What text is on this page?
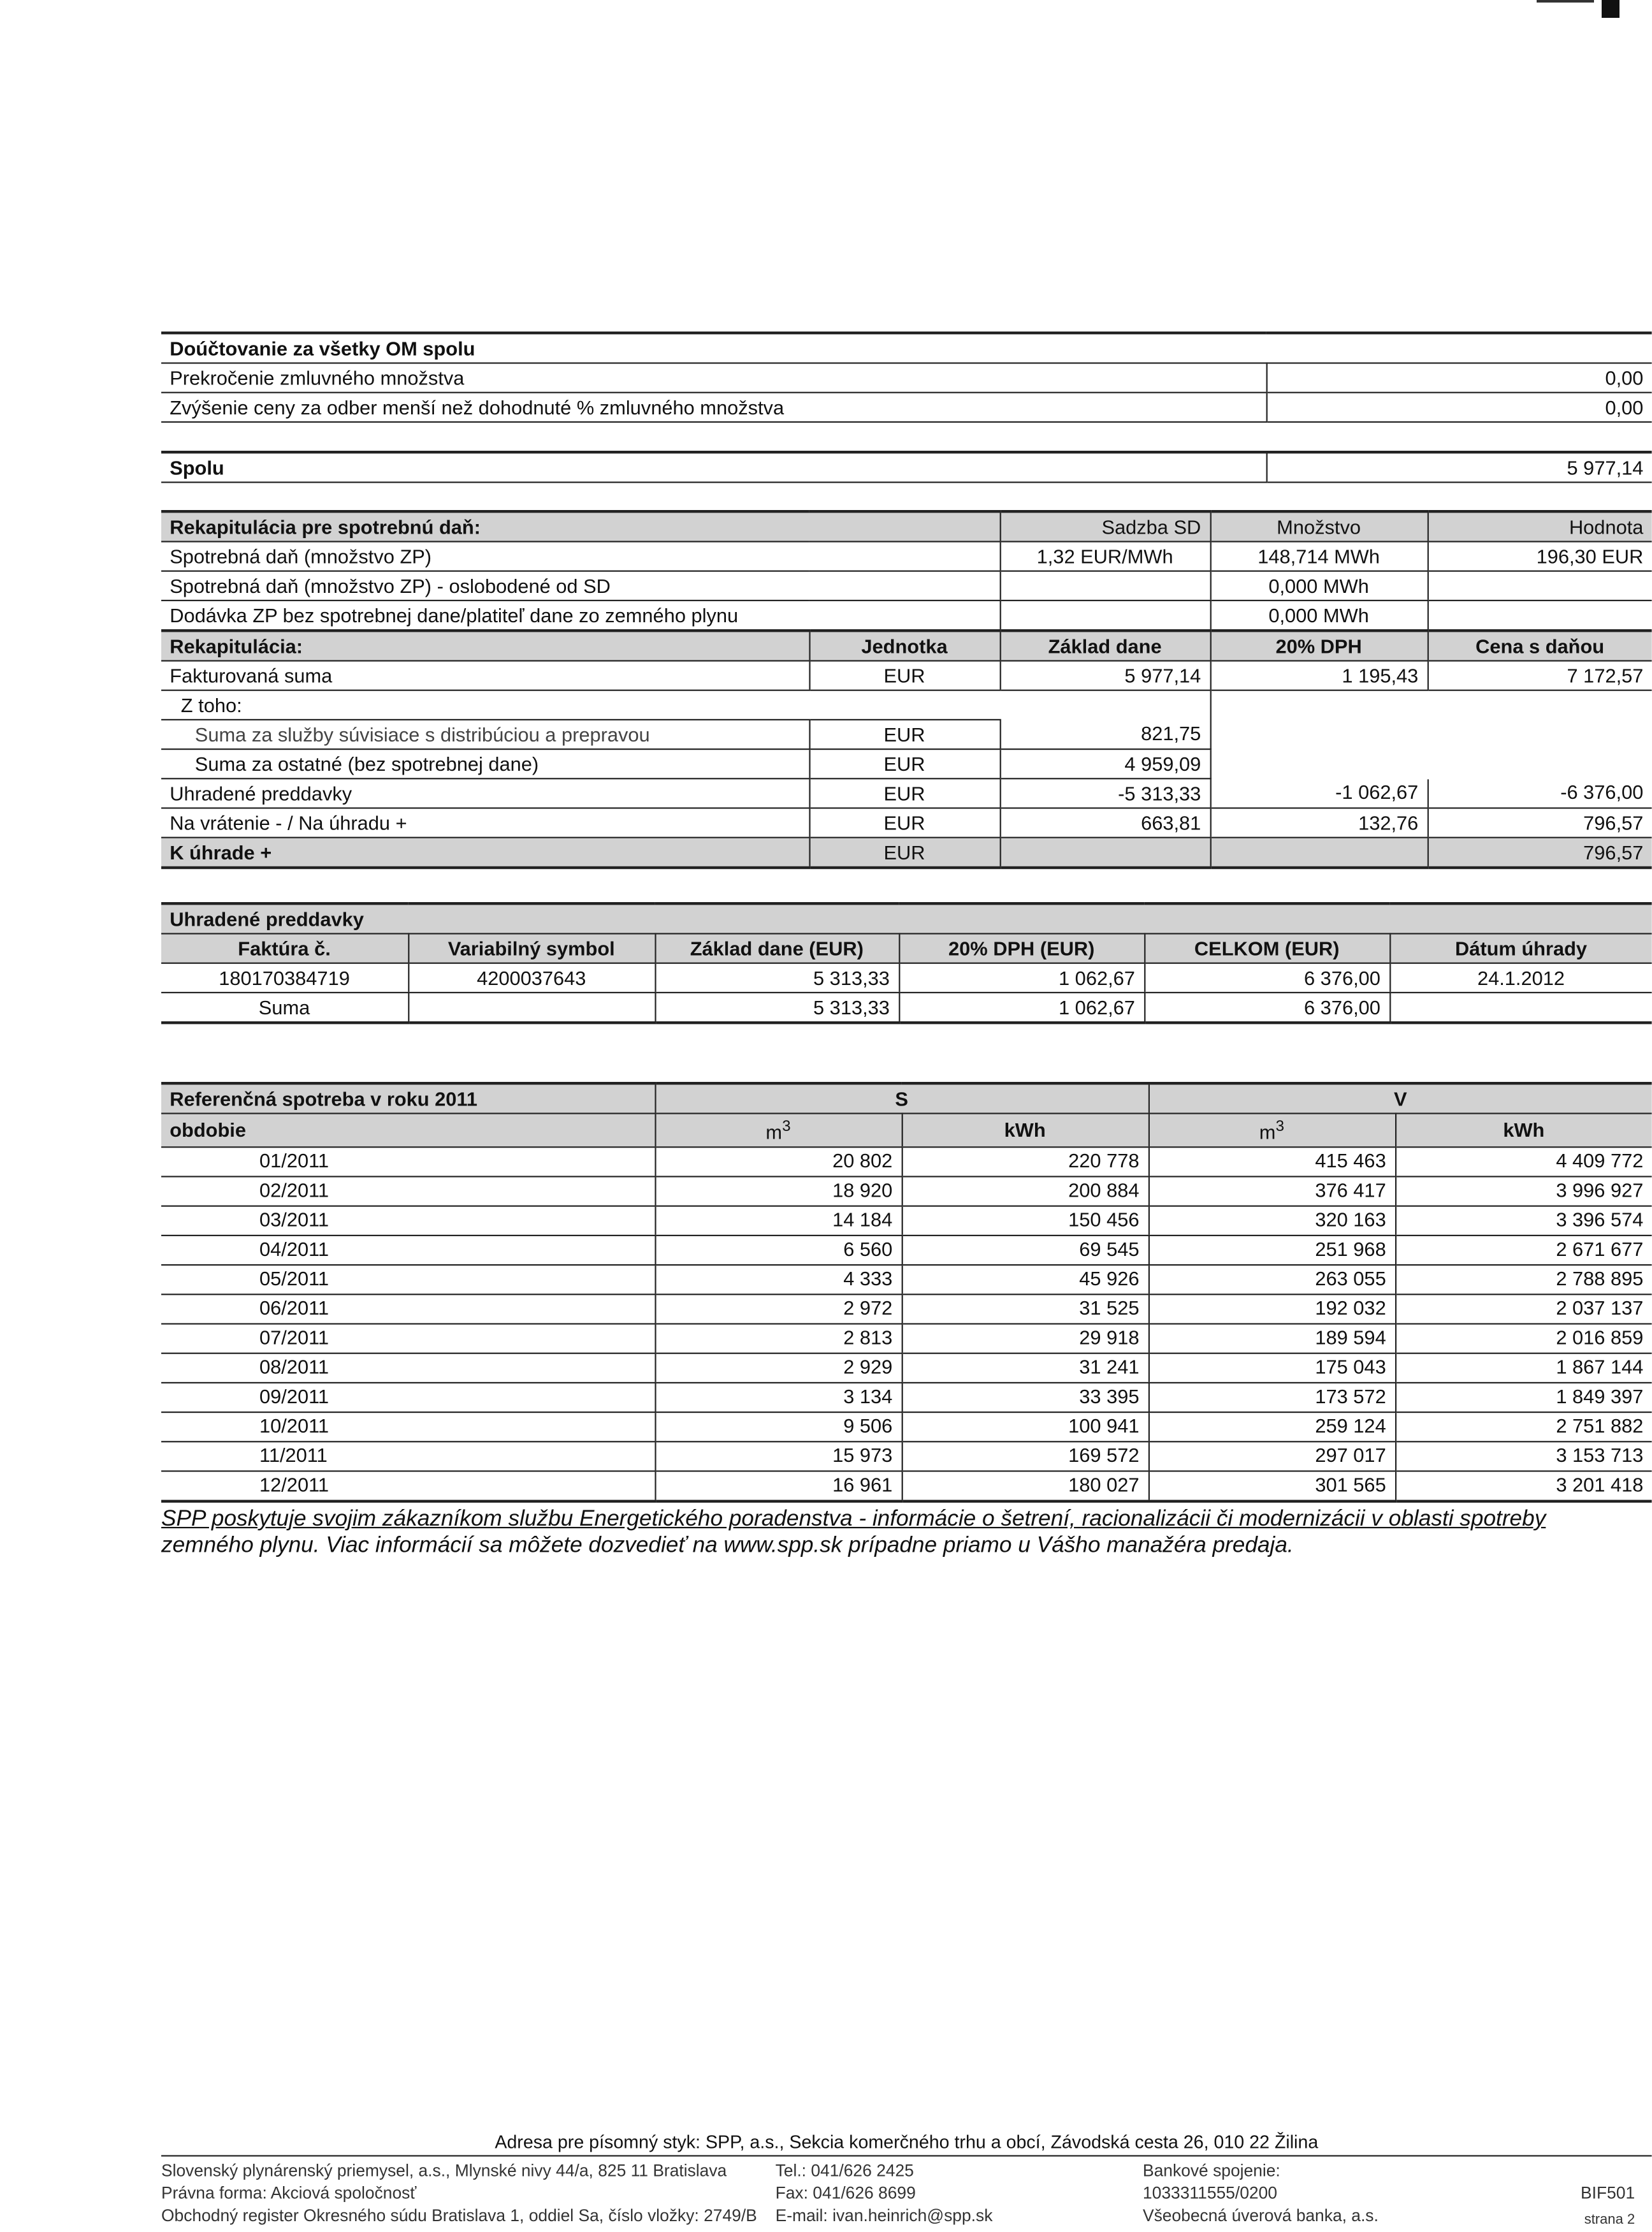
Doúčtovanie za všetky OM spolu	
Prekročenie zmluvného množstva	0,00
Zvýšenie ceny za odber menší než dohodnuté % zmluvného množstva	0,00

Spolu	5 977,14
Rekapitulácia pre spotrebnú daň:		Sadzba SD	Množstvo	Hodnota
Spotrebná daň (množstvo ZP)		1,32 EUR/MWh	148,714 MWh	196,30 EUR
Spotrebná daň (množstvo ZP) - oslobodené od SD			0,000 MWh	
Dodávka ZP bez spotrebnej dane/platiteľ dane zo zemného plynu			0,000 MWh	
Rekapitulácia:	Jednotka	Základ dane	20% DPH	Cena s daňou
Fakturovaná suma	EUR	5 977,14	1 195,43	7 172,57
Z toho:				
Suma za služby súvisiace s distribúciou a prepravou	EUR	821,75		
Suma za ostatné (bez spotrebnej dane)	EUR	4 959,09		
Uhradené preddavky	EUR	-5 313,33	-1 062,67	-6 376,00
Na vrátenie - / Na úhradu +	EUR	663,81	132,76	796,57
K úhrade +	EUR			796,57
Uhradené preddavky					
Faktúra č.	Variabilný symbol	Základ dane (EUR)	20% DPH (EUR)	CELKOM (EUR)	Dátum úhrady
180170384719	4200037643	5 313,33	1 062,67	6 376,00	24.1.2012
Suma		5 313,33	1 062,67	6 376,00	
Referenčná spotreba v roku 2011	S		V	
obdobie	$m^3$	kWh	$m^3$	kWh
01/2011	20 802	220 778	415 463	4 409 772
02/2011	18 920	200 884	376 417	3 996 927
03/2011	14 184	150 456	320 163	3 396 574
04/2011	6 560	69 545	251 968	2 671 677
05/2011	4 333	45 926	263 055	2 788 895
06/2011	2 972	31 525	192 032	2 037 137
07/2011	2 813	29 918	189 594	2 016 859
08/2011	2 929	31 241	175 043	1 867 144
09/2011	3 134	33 395	173 572	1 849 397
10/2011	9 506	100 941	259 124	2 751 882
11/2011	15 973	169 572	297 017	3 153 713
12/2011	16 961	180 027	301 565	3 201 418
SPP poskytuje svojim zákazníkom službu Energetického poradenstva - informácie o šetrení, racionalizácii či modernizácii v oblasti spotreby
zemného plynu. Viac informácií sa môžete dozvedieť na www.spp.sk prípadne priamo u Vášho manažéra predaja.
Adresa pre písomný styk: SPP, a.s., Sekcia komerčného trhu a obcí, Závodská cesta 26, 010 22 Žilina
Slovenský plynárenský priemysel, a.s., Mlynské nivy 44/a, 825 11 Bratislava
Právna forma: Akciová spoločnosť
Obchodný register Okresného súdu Bratislava 1, oddiel Sa, číslo vložky: 2749/B
Tel.: 041/626 2425
Fax: 041/626 8699
E-mail: ivan.heinrich@spp.sk
Bankové spojenie:
1033311555/0200
Všeobecná úverová banka, a.s.
BIF501
strana 2
